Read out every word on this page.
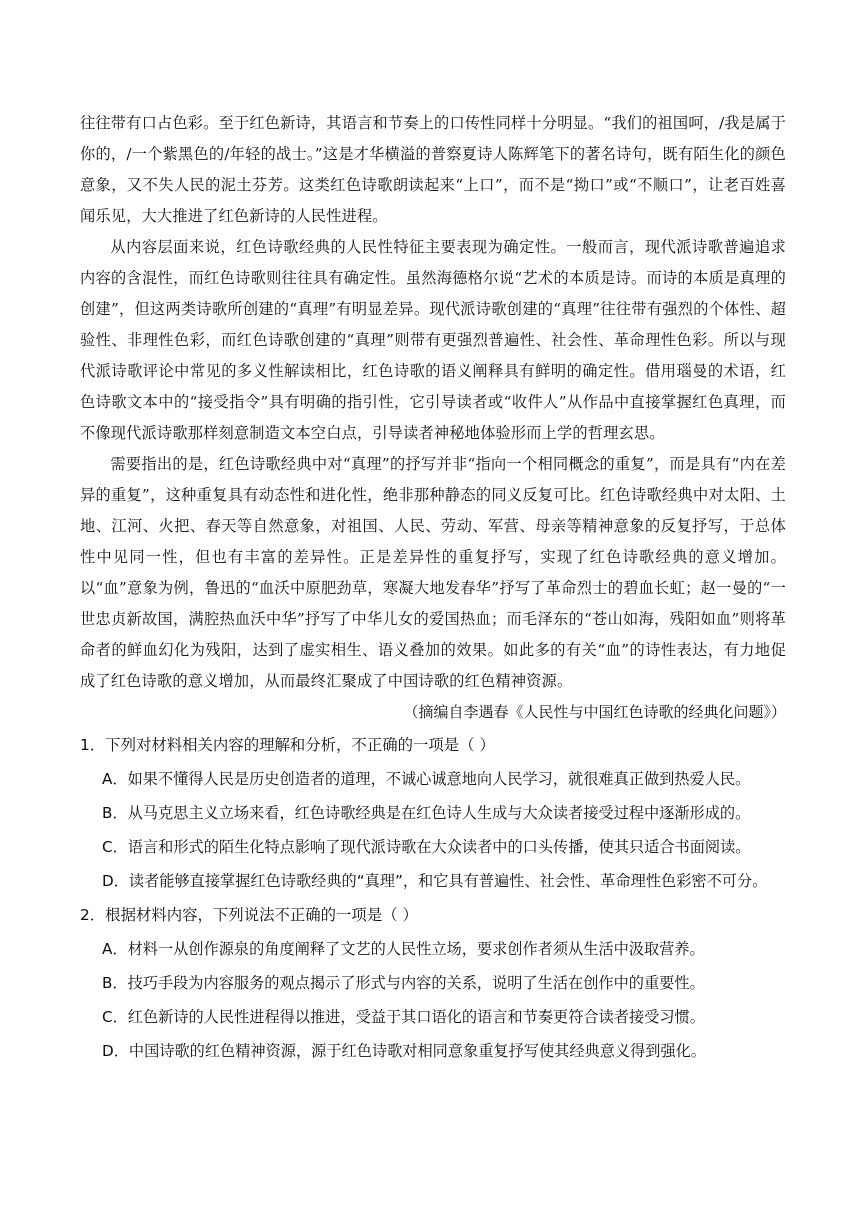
往往带有口占色彩。至于红色新诗，其语言和节奏上的口传性同样十分明显。“我们的祖国呵，/我是属于你的，/一个紫黑色的/年轻的战士。”这是才华横溢的普察夏诗人陈辉笔下的著名诗句，既有陌生化的颜色意象，又不失人民的泥土芬芳。这类红色诗歌朗读起来“上口”，而不是“拗口”或“不顺口”，让老百姓喜闻乐见，大大推进了红色新诗的人民性进程。

从内容层面来说，红色诗歌经典的人民性特征主要表现为确定性。一般而言，现代派诗歌普遍追求内容的含混性，而红色诗歌则往往具有确定性。虽然海德格尔说“艺术的本质是诗。而诗的本质是真理的创建”，但这两类诗歌所创建的“真理”有明显差异。现代派诗歌创建的“真理”往往带有强烈的个体性、超验性、非理性色彩，而红色诗歌创建的“真理”则带有更强烈普遍性、社会性、革命理性色彩。所以与现代派诗歌评论中常见的多义性解读相比，红色诗歌的语义阐释具有鲜明的确定性。借用瑙曼的术语，红色诗歌文本中的“接受指令”具有明确的指引性，它引导读者或“收件人”从作品中直接掌握红色真理，而不像现代派诗歌那样刻意制造文本空白点，引导读者神秘地体验形而上学的哲理玄思。

需要指出的是，红色诗歌经典中对“真理”的抒写并非“指向一个相同概念的重复”，而是具有“内在差异的重复”，这种重复具有动态性和进化性，绝非那种静态的同义反复可比。红色诗歌经典中对太阳、土地、江河、火把、春天等自然意象，对祖国、人民、劳动、军营、母亲等精神意象的反复抒写，于总体性中见同一性，但也有丰富的差异性。正是差异性的重复抒写，实现了红色诗歌经典的意义增加。以“血”意象为例，鲁迅的“血沃中原肥劲草，寒凝大地发春华”抒写了革命烈士的碧血长虹；赵一曼的“一世忠贞新故国，满腔热血沃中华”抒写了中华儿女的爱国热血；而毛泽东的“苍山如海，残阳如血”则将革命者的鲜血幻化为残阳，达到了虚实相生、语义叠加的效果。如此多的有关“血”的诗性表达，有力地促成了红色诗歌的意义增加，从而最终汇聚成了中国诗歌的红色精神资源。

（摘编自李遇春《人民性与中国红色诗歌的经典化问题》）

1．下列对材料相关内容的理解和分析，不正确的一项是（ ）

A．如果不懂得人民是历史创造者的道理，不诚心诚意地向人民学习，就很难真正做到热爱人民。

B．从马克思主义立场来看，红色诗歌经典是在红色诗人生成与大众读者接受过程中逐渐形成的。

C．语言和形式的陌生化特点影响了现代派诗歌在大众读者中的口头传播，使其只适合书面阅读。

D．读者能够直接掌握红色诗歌经典的“真理”，和它具有普遍性、社会性、革命理性色彩密不可分。

2．根据材料内容，下列说法不正确的一项是（ ）

A．材料一从创作源泉的角度阐释了文艺的人民性立场，要求创作者须从生活中汲取营养。

B．技巧手段为内容服务的观点揭示了形式与内容的关系，说明了生活在创作中的重要性。

C．红色新诗的人民性进程得以推进，受益于其口语化的语言和节奏更符合读者接受习惯。

D．中国诗歌的红色精神资源，源于红色诗歌对相同意象重复抒写使其经典意义得到强化。
